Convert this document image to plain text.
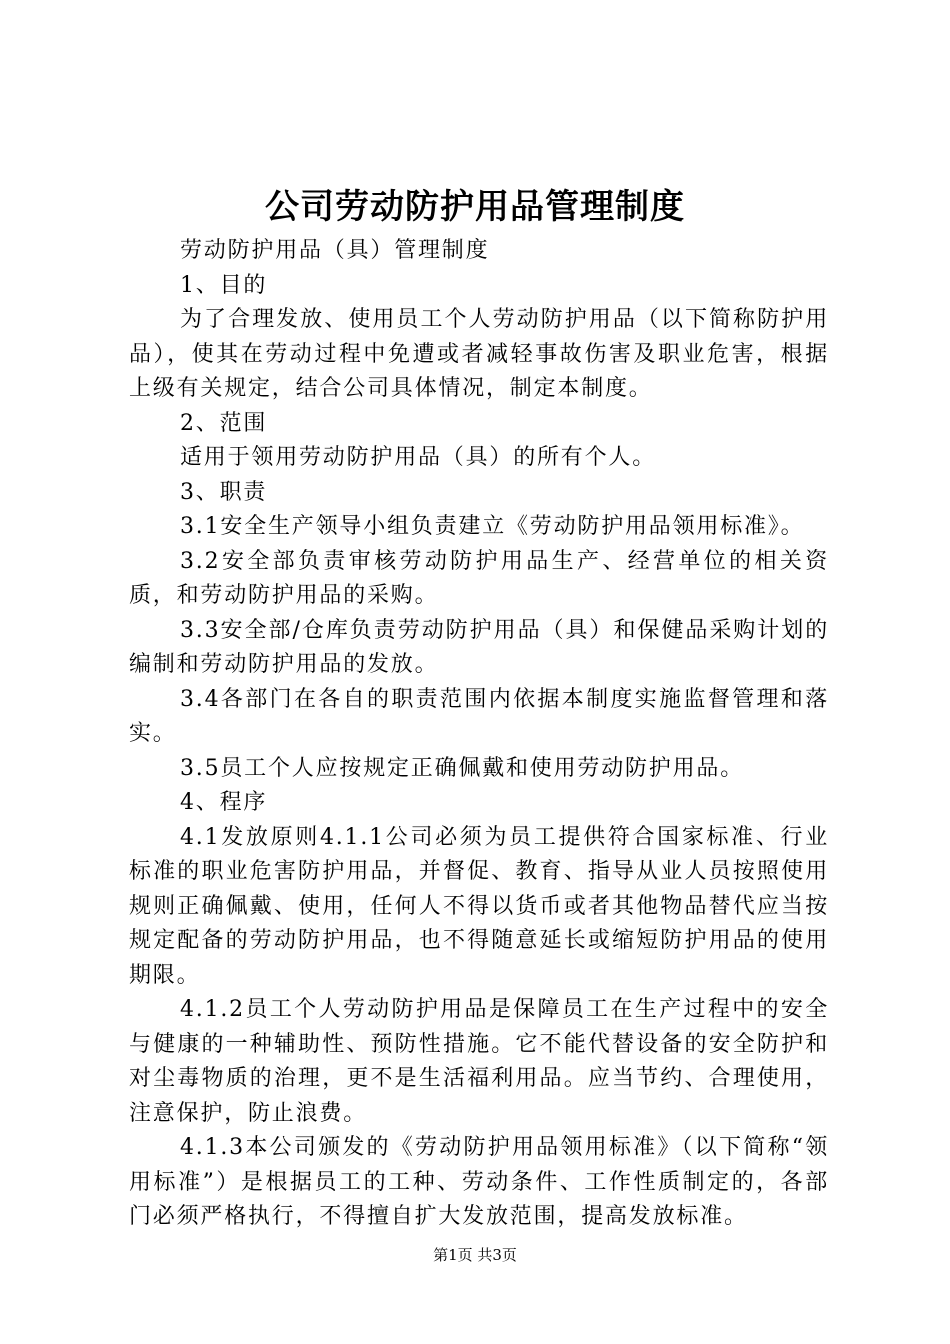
公司劳动防护用品管理制度

劳动防护用品（具）管理制度

1、目的

为了合理发放、使用员工个人劳动防护用品（以下简称防护用品），使其在劳动过程中免遭或者减轻事故伤害及职业危害，根据上级有关规定，结合公司具体情况，制定本制度。

2、范围

适用于领用劳动防护用品（具）的所有个人。

3、职责

3.1安全生产领导小组负责建立《劳动防护用品领用标准》。

3.2安全部负责审核劳动防护用品生产、经营单位的相关资质，和劳动防护用品的采购。

3.3安全部/仓库负责劳动防护用品（具）和保健品采购计划的编制和劳动防护用品的发放。

3.4各部门在各自的职责范围内依据本制度实施监督管理和落实。

3.5员工个人应按规定正确佩戴和使用劳动防护用品。

4、程序

4.1发放原则4.1.1公司必须为员工提供符合国家标准、行业标准的职业危害防护用品，并督促、教育、指导从业人员按照使用规则正确佩戴、使用，任何人不得以货币或者其他物品替代应当按规定配备的劳动防护用品，也不得随意延长或缩短防护用品的使用期限。

4.1.2员工个人劳动防护用品是保障员工在生产过程中的安全与健康的一种辅助性、预防性措施。它不能代替设备的安全防护和对尘毒物质的治理，更不是生活福利用品。应当节约、合理使用，注意保护，防止浪费。

4.1.3本公司颁发的《劳动防护用品领用标准》（以下简称“领用标准”）是根据员工的工种、劳动条件、工作性质制定的，各部门必须严格执行，不得擅自扩大发放范围，提高发放标准。

第1页 共3页
